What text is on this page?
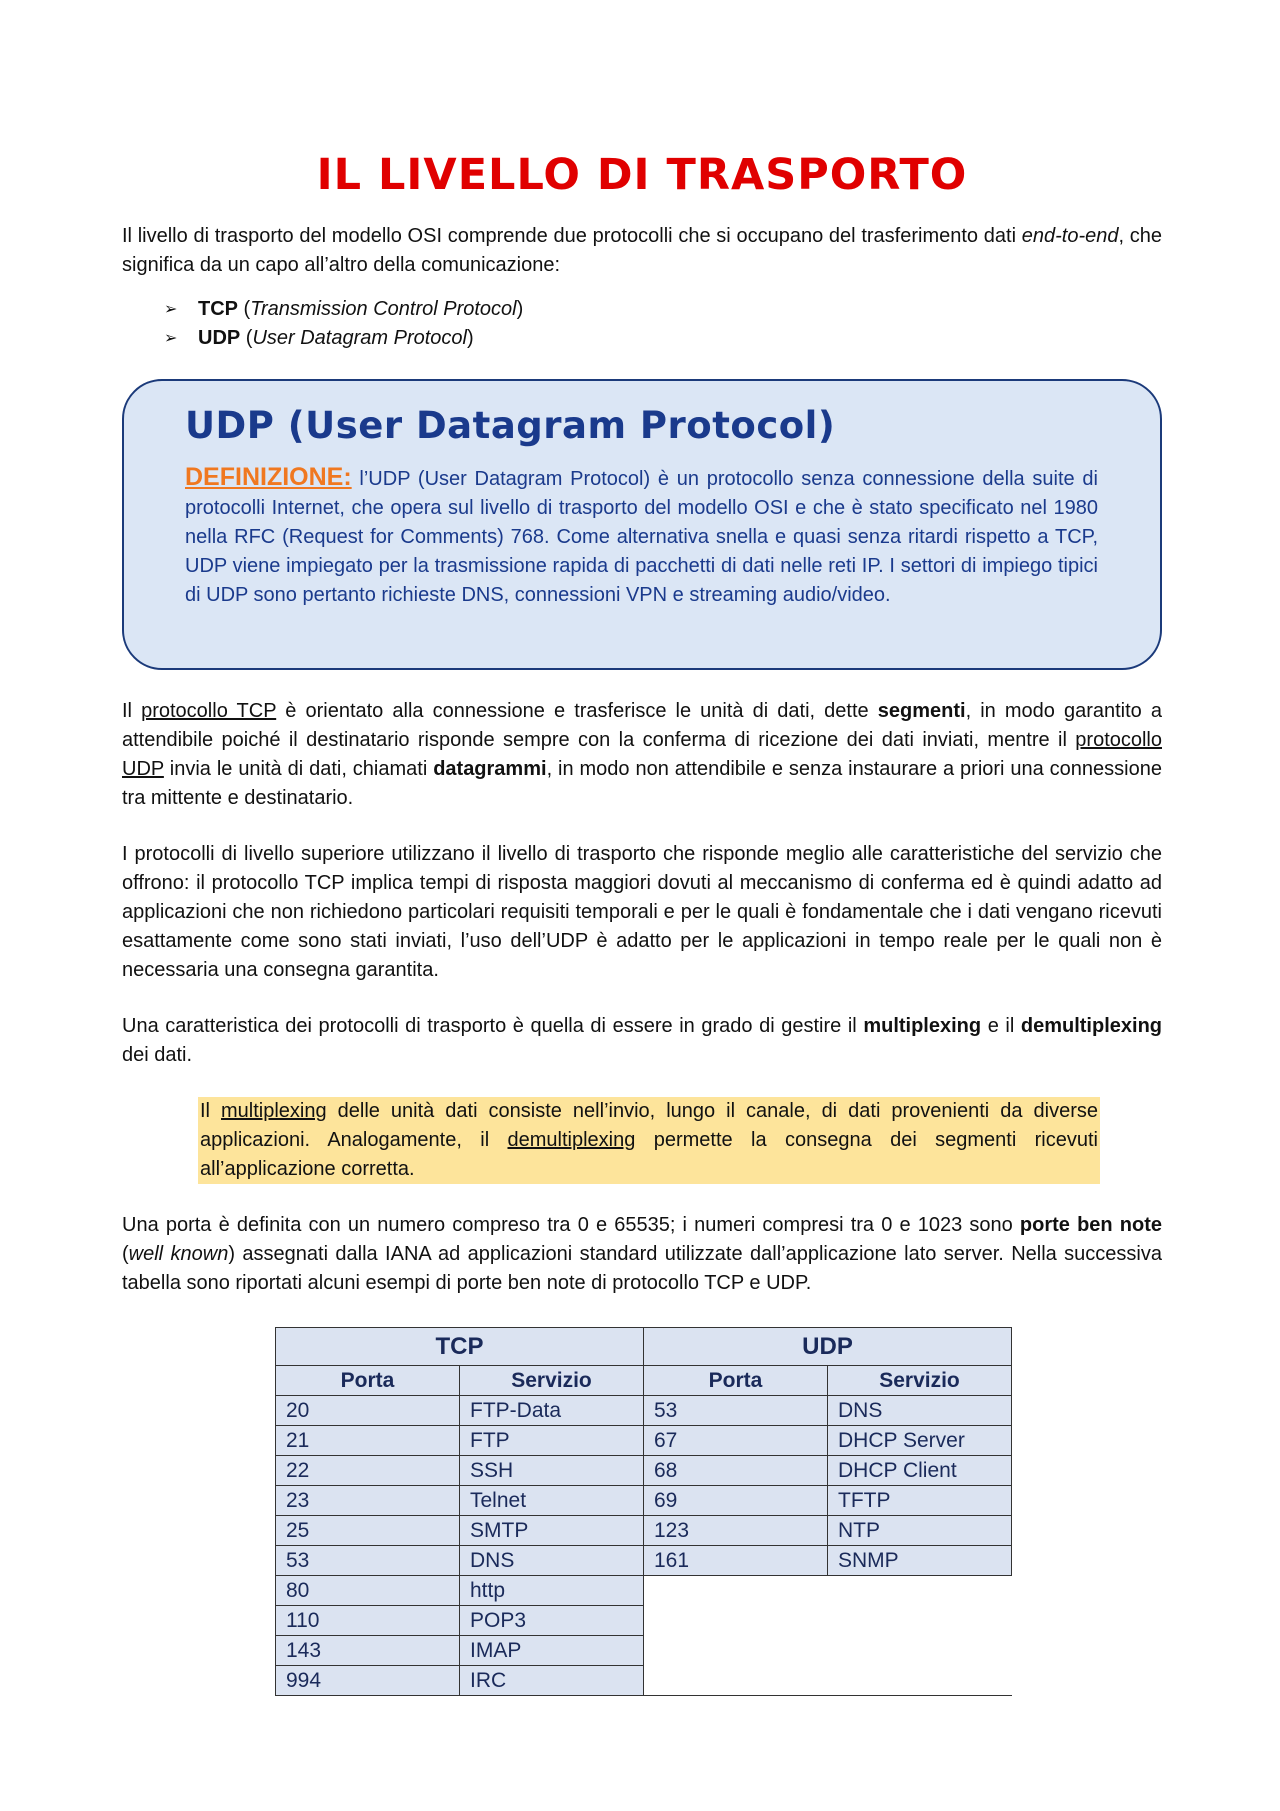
IL LIVELLO DI TRASPORTO

Il livello di trasporto del modello OSI comprende due protocolli che si occupano del trasferimento dati end-to-end, che significa da un capo all’altro della comunicazione:

➢ TCP (Transmission Control Protocol)
➢ UDP (User Datagram Protocol)
UDP (User Datagram Protocol)

DEFINIZIONE: l’UDP (User Datagram Protocol) è un protocollo senza connessione della suite di protocolli Internet, che opera sul livello di trasporto del modello OSI e che è stato specificato nel 1980 nella RFC (Request for Comments) 768. Come alternativa snella e quasi senza ritardi rispetto a TCP, UDP viene impiegato per la trasmissione rapida di pacchetti di dati nelle reti IP. I settori di impiego tipici di UDP sono pertanto richieste DNS, connessioni VPN e streaming audio/video.

Il protocollo TCP è orientato alla connessione e trasferisce le unità di dati, dette segmenti, in modo garantito a attendibile poiché il destinatario risponde sempre con la conferma di ricezione dei dati inviati, mentre il protocollo UDP invia le unità di dati, chiamati datagrammi, in modo non attendibile e senza instaurare a priori una connessione tra mittente e destinatario.

I protocolli di livello superiore utilizzano il livello di trasporto che risponde meglio alle caratteristiche del servizio che offrono: il protocollo TCP implica tempi di risposta maggiori dovuti al meccanismo di conferma ed è quindi adatto ad applicazioni che non richiedono particolari requisiti temporali e per le quali è fondamentale che i dati vengano ricevuti esattamente come sono stati inviati, l’uso dell’UDP è adatto per le applicazioni in tempo reale per le quali non è necessaria una consegna garantita.

Una caratteristica dei protocolli di trasporto è quella di essere in grado di gestire il multiplexing e il demultiplexing dei dati.

Il multiplexing delle unità dati consiste nell’invio, lungo il canale, di dati provenienti da diverse applicazioni. Analogamente, il demultiplexing permette la consegna dei segmenti ricevuti all’applicazione corretta.

Una porta è definita con un numero compreso tra 0 e 65535; i numeri compresi tra 0 e 1023 sono porte ben note (well known) assegnati dalla IANA ad applicazioni standard utilizzate dall’applicazione lato server. Nella successiva tabella sono riportati alcuni esempi di porte ben note di protocollo TCP e UDP.

TCP		UDP	
Porta	Servizio	Porta	Servizio
20	FTP-Data	53	DNS
21	FTP	67	DHCP Server
22	SSH	68	DHCP Client
23	Telnet	69	TFTP
25	SMTP	123	NTP
53	DNS	161	SNMP
80	http		
110	POP3		
143	IMAP		
994	IRC		
